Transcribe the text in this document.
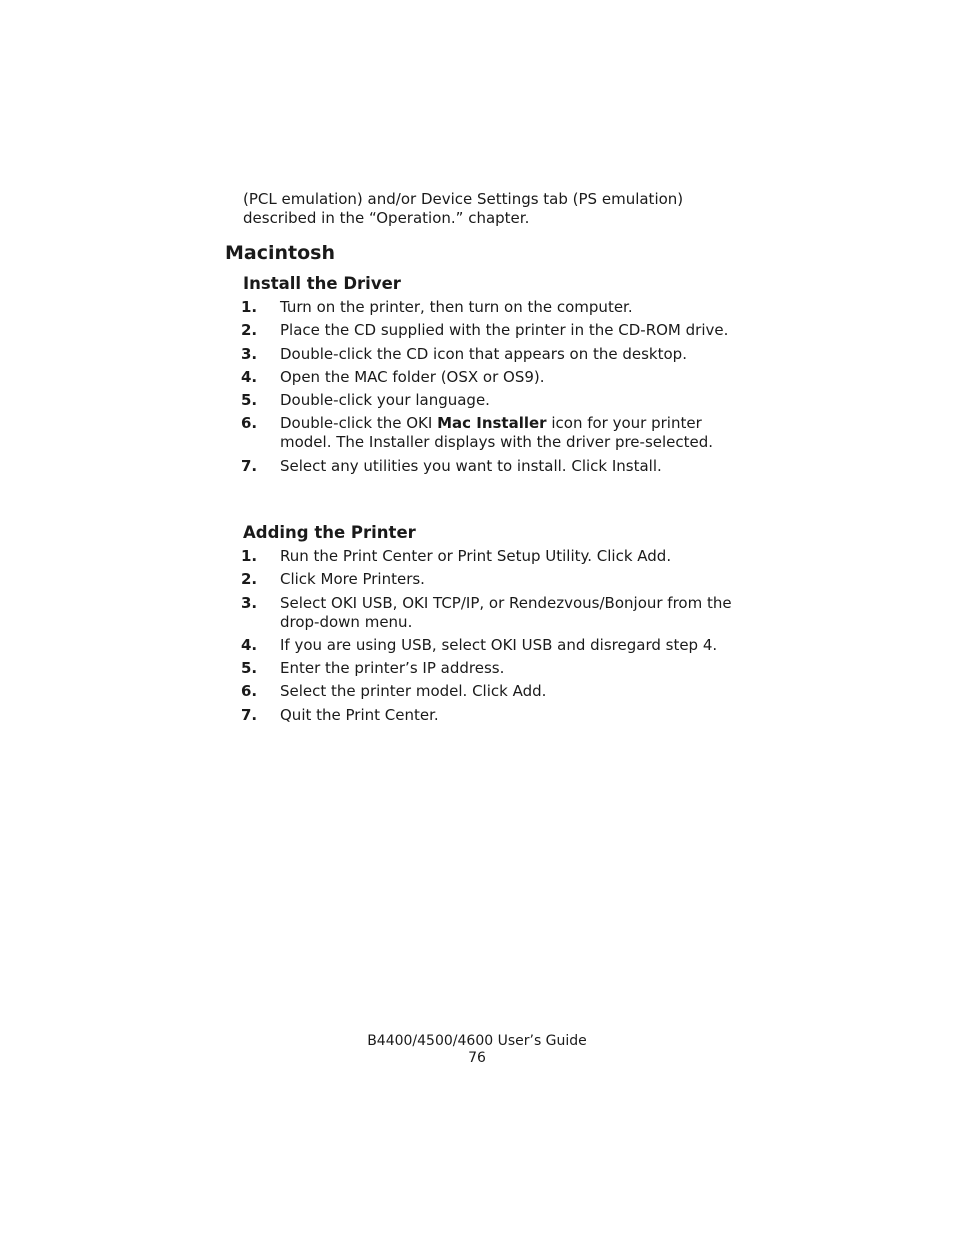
(PCL emulation) and/or Device Settings tab (PS emulation) described in the “Operation.” chapter.

Macintosh
Install the Driver
1.	Turn on the printer, then turn on the computer.
2.	Place the CD supplied with the printer in the CD-ROM drive.
3.	Double-click the CD icon that appears on the desktop.
4.	Open the MAC folder (OSX or OS9).
5.	Double-click your language.
6.	Double-click the OKI Mac Installer icon for your printer model. The Installer displays with the driver pre-selected.
7.	Select any utilities you want to install. Click Install.
Adding the Printer
1.	Run the Print Center or Print Setup Utility. Click Add.
2.	Click More Printers.
3.	Select OKI USB, OKI TCP/IP, or Rendezvous/Bonjour from the drop-down menu.
4.	If you are using USB, select OKI USB and disregard step 4.
5.	Enter the printer’s IP address.
6.	Select the printer model. Click Add.
7.	Quit the Print Center.

B4400/4500/4600 User’s Guide

76
